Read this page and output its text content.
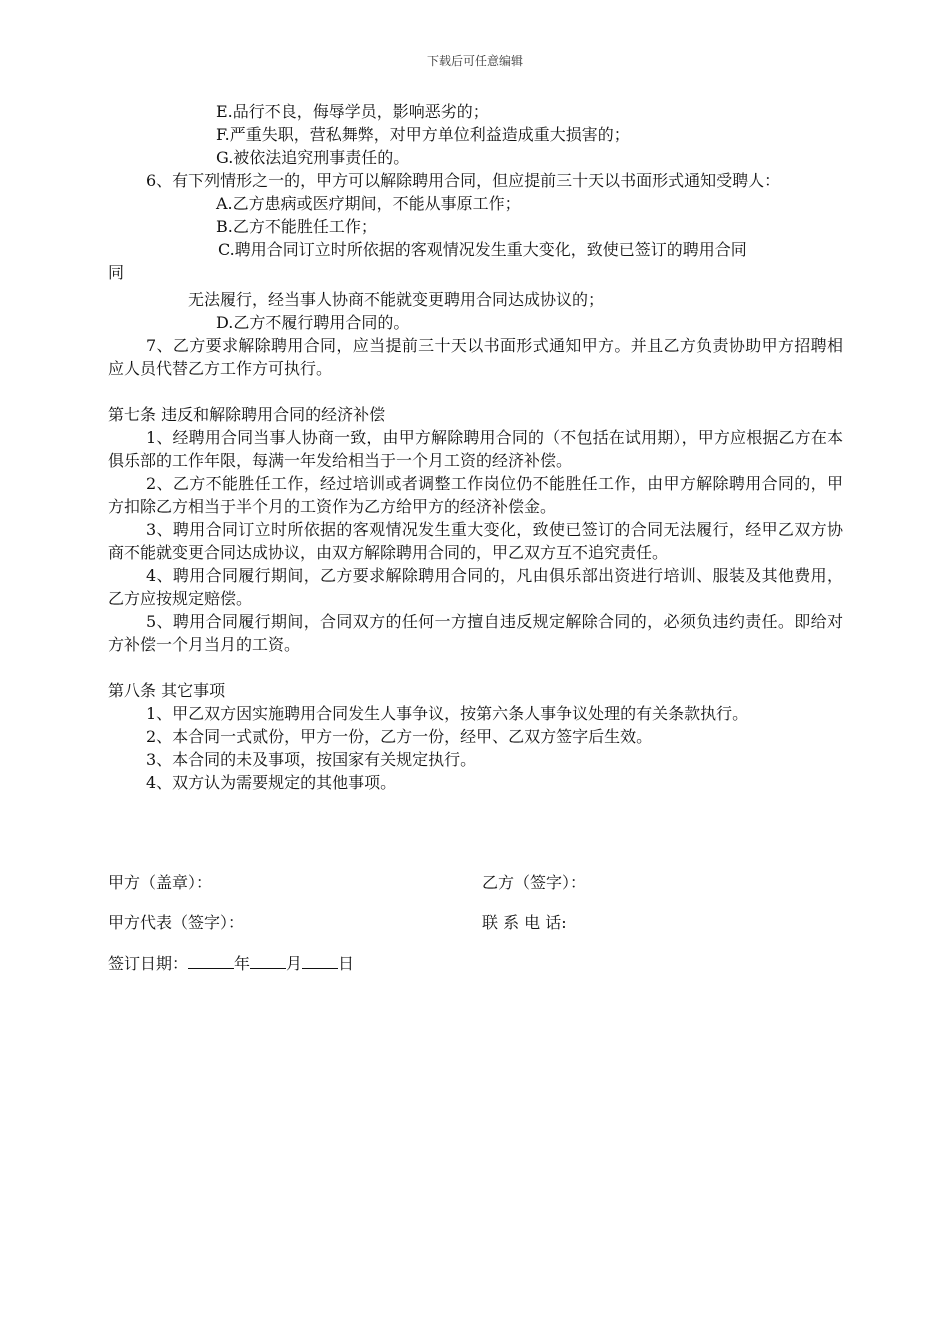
下载后可任意编辑
E.品行不良，侮辱学员，影响恶劣的；
F.严重失职，营私舞弊，对甲方单位利益造成重大损害的；
G.被依法追究刑事责任的。
6、有下列情形之一的，甲方可以解除聘用合同，但应提前三十天以书面形式通知受聘人：
A.乙方患病或医疗期间，不能从事原工作；
B.乙方不能胜任工作；
C.聘用合同订立时所依据的客观情况发生重大变化，致使已签订的聘用合同
同
无法履行，经当事人协商不能就变更聘用合同达成协议的；
D.乙方不履行聘用合同的。
7、乙方要求解除聘用合同，应当提前三十天以书面形式通知甲方。并且乙方负责协助甲方招聘相应人员代替乙方工作方可执行。
第七条 违反和解除聘用合同的经济补偿
1、经聘用合同当事人协商一致，由甲方解除聘用合同的（不包括在试用期），甲方应根据乙方在本俱乐部的工作年限，每满一年发给相当于一个月工资的经济补偿。
2、乙方不能胜任工作，经过培训或者调整工作岗位仍不能胜任工作，由甲方解除聘用合同的，甲方扣除乙方相当于半个月的工资作为乙方给甲方的经济补偿金。
3、聘用合同订立时所依据的客观情况发生重大变化，致使已签订的合同无法履行，经甲乙双方协商不能就变更合同达成协议，由双方解除聘用合同的，甲乙双方互不追究责任。
4、聘用合同履行期间，乙方要求解除聘用合同的，凡由俱乐部出资进行培训、服装及其他费用，乙方应按规定赔偿。
5、聘用合同履行期间，合同双方的任何一方擅自违反规定解除合同的，必须负违约责任。即给对方补偿一个月当月的工资。
第八条 其它事项
1、甲乙双方因实施聘用合同发生人事争议，按第六条人事争议处理的有关条款执行。
2、本合同一式贰份，甲方一份，乙方一份，经甲、乙双方签字后生效。
3、本合同的未及事项，按国家有关规定执行。
4、双方认为需要规定的其他事项。
甲方（盖章）：	乙方（签字）：
甲方代表（签字）：	联 系 电 话:
签订日期：	年 月 日
